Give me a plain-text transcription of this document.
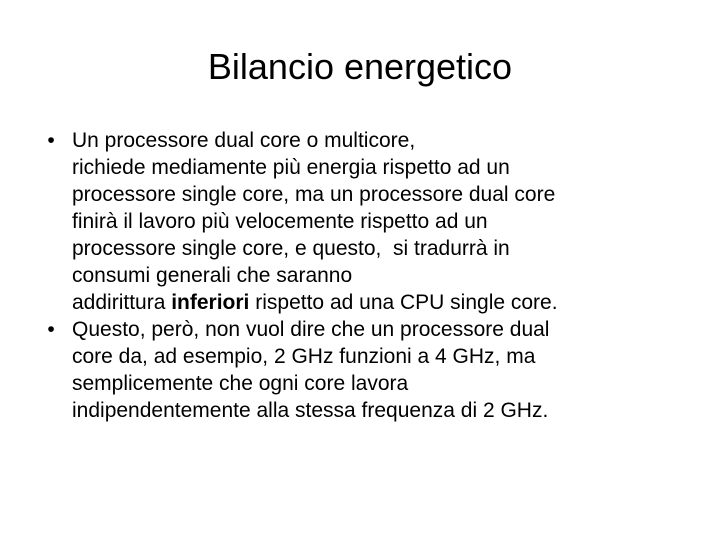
Bilancio energetico
• Un processore dual core o multicore,
richiede mediamente più energia rispetto ad un
processore single core, ma un processore dual core
finirà il lavoro più velocemente rispetto ad un
processore single core, e questo,  si tradurrà in
consumi generali che saranno
addirittura inferiori rispetto ad una CPU single core.
• Questo, però, non vuol dire che un processore dual
core da, ad esempio, 2 GHz funzioni a 4 GHz, ma
semplicemente che ogni core lavora
indipendentemente alla stessa frequenza di 2 GHz.
